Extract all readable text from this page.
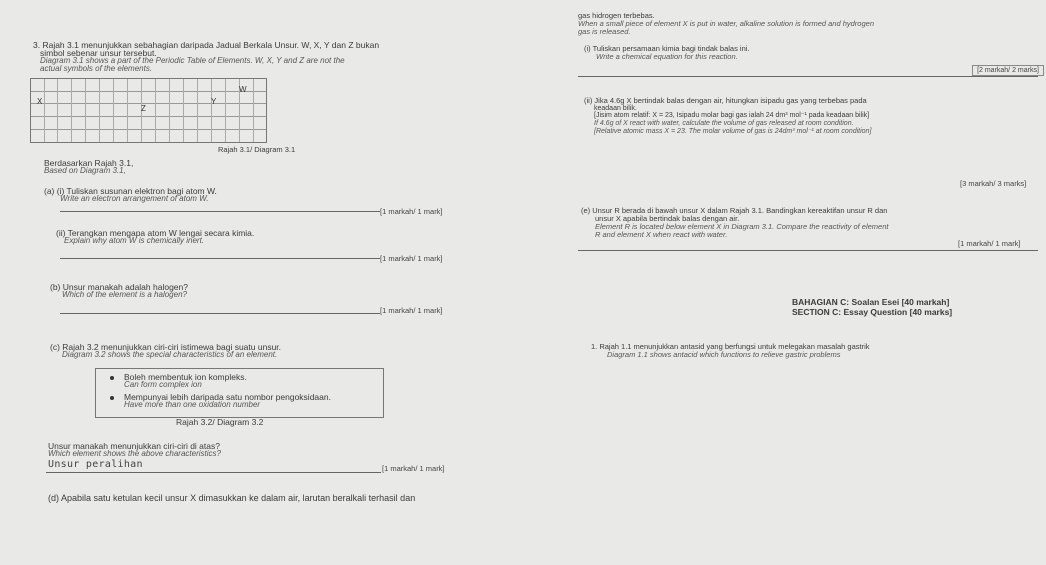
3. Rajah 3.1 menunjukkan sebahagian daripada Jadual Berkala Unsur. W, X, Y dan Z bukan
simbol sebenar unsur tersebut.
Diagram 3.1 shows a part of the Periodic Table of Elements. W, X, Y and Z are not the
actual symbols of the elements.
W
X	Y
Z
Rajah 3.1/ Diagram 3.1
Berdasarkan Rajah 3.1,
Based on Diagram 3.1,
(a) (i) Tuliskan susunan elektron bagi atom W.
Write an electron arrangement of atom W.
[1 markah/ 1 mark]
(ii) Terangkan mengapa atom W lengai secara kimia.
Explain why atom W is chemically inert.
[1 markah/ 1 mark]
(b) Unsur manakah adalah halogen?
Which of the element is a halogen?
[1 markah/ 1 mark]
(c) Rajah 3.2 menunjukkan ciri-ciri istimewa bagi suatu unsur.
Diagram 3.2 shows the special characteristics of an element.
Boleh membentuk ion kompleks.
Can form complex ion
Mempunyai lebih daripada satu nombor pengoksidaan.
Have more than one oxidation number
Rajah 3.2/ Diagram 3.2
Unsur manakah menunjukkan ciri-ciri di atas?
Which element shows the above characteristics?
Unsur peralihan	[1 markah/ 1 mark]
(d) Apabila satu ketulan kecil unsur X dimasukkan ke dalam air, larutan beralkali terhasil dan
gas hidrogen terbebas.
When a small piece of element X is put in water, alkaline solution is formed and hydrogen
gas is released.
(i) Tuliskan persamaan kimia bagi tindak balas ini.
Write a chemical equation for this reaction.
[2 markah/ 2 marks]
(ii) Jika 4.6g X bertindak balas dengan air, hitungkan isipadu gas yang terbebas pada
keadaan bilik.
[Jisim atom relatif: X = 23, Isipadu molar bagi gas ialah 24 dm³ mol⁻¹ pada keadaan bilik]
If 4.6g of X react with water, calculate the volume of gas released at room condition.
[Relative atomic mass X = 23. The molar volume of gas is 24dm³ mol⁻¹ at room condition]
[3 markah/ 3 marks]
(e) Unsur R berada di bawah unsur X dalam Rajah 3.1. Bandingkan kereaktifan unsur R dan
unsur X apabila bertindak balas dengan air.
Element R is located below element X in Diagram 3.1. Compare the reactivity of element
R and element X when react with water.
[1 markah/ 1 mark]
BAHAGIAN C: Soalan Esei [40 markah]
SECTION C: Essay Question [40 marks]
1. Rajah 1.1 menunjukkan antasid yang berfungsi untuk melegakan masalah gastrik
Diagram 1.1 shows antacid which functions to relieve gastric problems
